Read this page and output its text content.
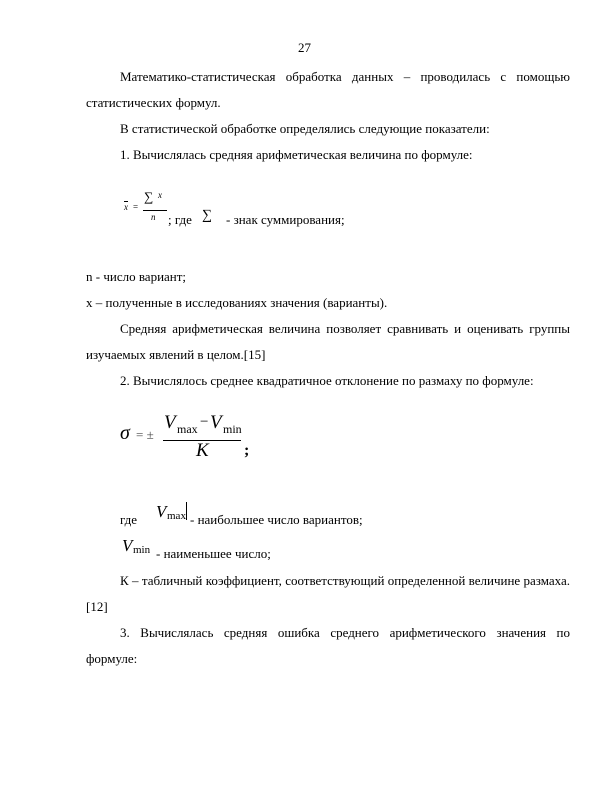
27
Математико-статистическая обработка данных – проводилась с помощью статистических формул.
В статистической обработке определялись следующие показатели:
1. Вычислялась средняя арифметическая величина по формуле:
$\overline{x}$ =
∑ x
n ; где ∑ - знак суммирования;
n - число вариант;
x – полученные в исследованиях значения (варианты).
Средняя арифметическая величина позволяет сравнивать и оценивать группы изучаемых явлений в целом.[15]
2. Вычислялось среднее квадратичное отклонение по размаху по формуле:
σ = ±
V max − V min
K ;
где V max - наибольшее число вариантов;
V min - наименьшее число;
К – табличный коэффициент, соответствующий определенной величине размаха.[12]
3. Вычислялась средняя ошибка среднего арифметического значения по формуле:
